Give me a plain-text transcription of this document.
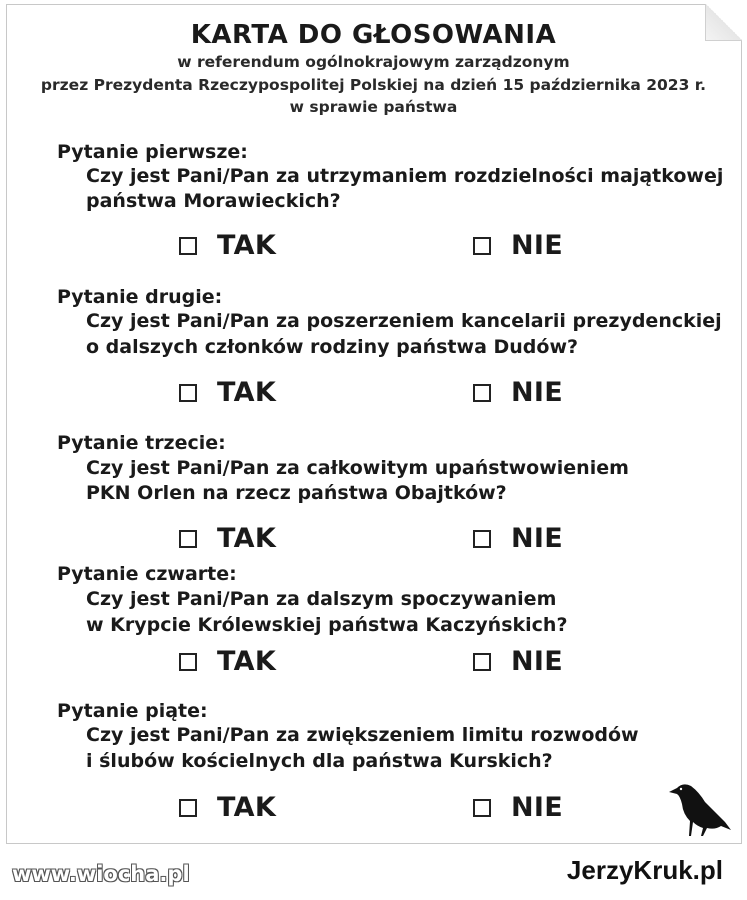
KARTA DO GŁOSOWANIA
w referendum ogólnokrajowym zarządzonym
przez Prezydenta Rzeczypospolitej Polskiej na dzień 15 października 2023 r.
w sprawie państwa
Pytanie pierwsze:
Czy jest Pani/Pan za utrzymaniem rozdzielności majątkowej
państwa Morawieckich?
TAK	NIE
Pytanie drugie:
Czy jest Pani/Pan za poszerzeniem kancelarii prezydenckiej
o dalszych członków rodziny państwa Dudów?
TAK	NIE
Pytanie trzecie:
Czy jest Pani/Pan za całkowitym upaństwowieniem
PKN Orlen na rzecz państwa Obajtków?
TAK	NIE
Pytanie czwarte:
Czy jest Pani/Pan za dalszym spoczywaniem
w Krypcie Królewskiej państwa Kaczyńskich?
TAK	NIE
Pytanie piąte:
Czy jest Pani/Pan za zwiększeniem limitu rozwodów
i ślubów kościelnych dla państwa Kurskich?
TAK	NIE
www.wiocha.pl	JerzyKruk.pl
